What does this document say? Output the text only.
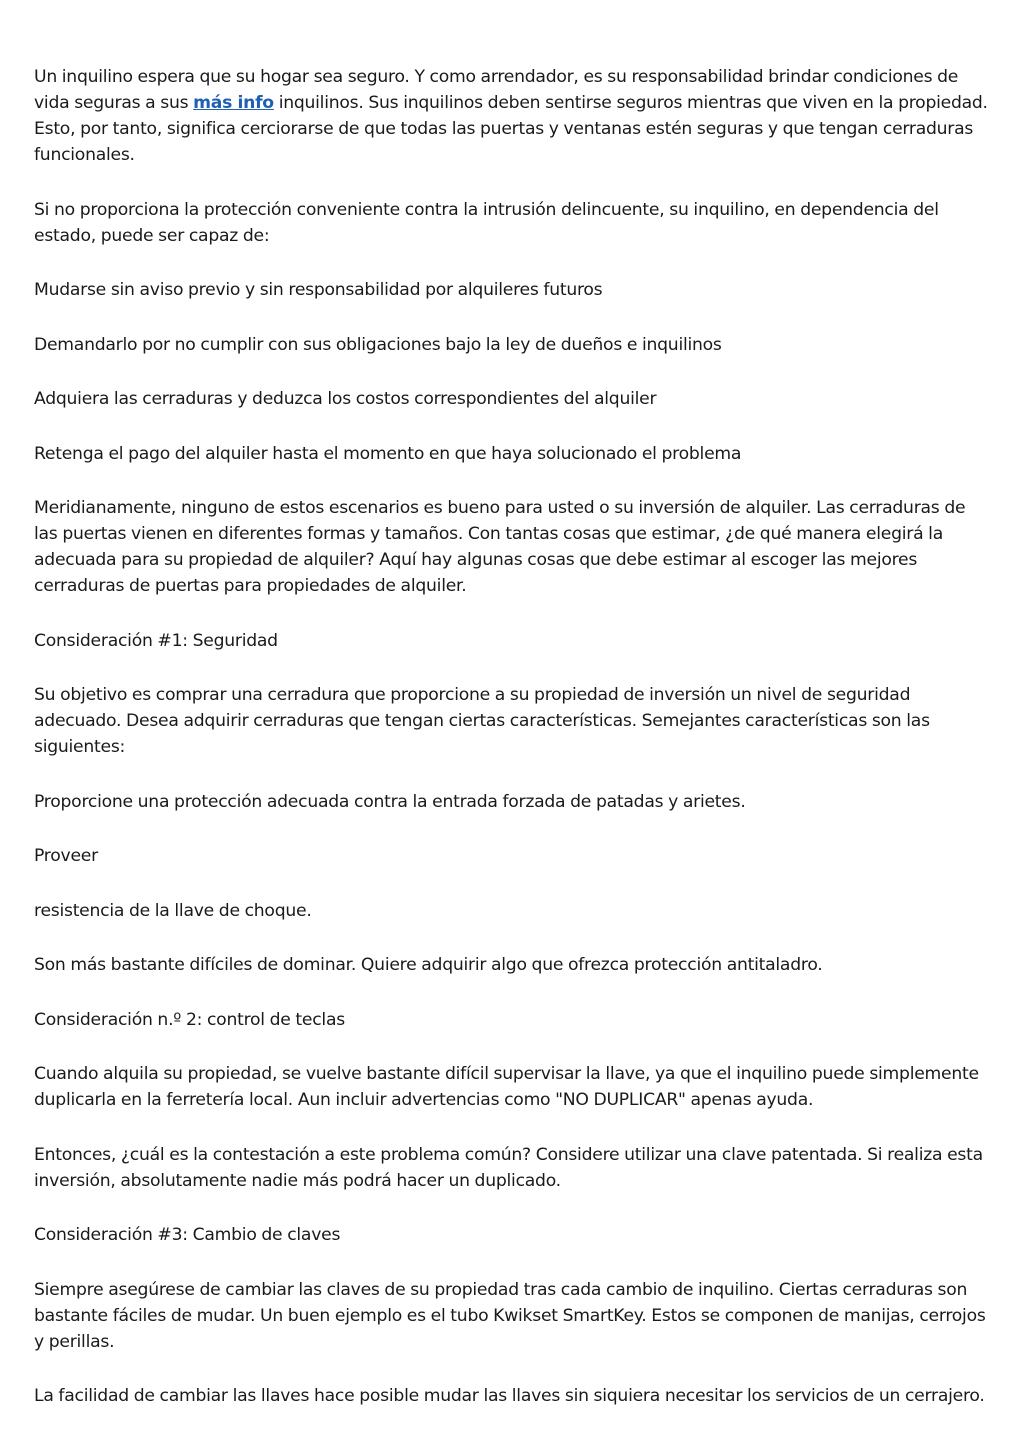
Un inquilino espera que su hogar sea seguro. Y como arrendador, es su responsabilidad brindar condiciones de vida seguras a sus más info inquilinos. Sus inquilinos deben sentirse seguros mientras que viven en la propiedad. Esto, por tanto, significa cerciorarse de que todas las puertas y ventanas estén seguras y que tengan cerraduras funcionales.

Si no proporciona la protección conveniente contra la intrusión delincuente, su inquilino, en dependencia del estado, puede ser capaz de:

Mudarse sin aviso previo y sin responsabilidad por alquileres futuros

Demandarlo por no cumplir con sus obligaciones bajo la ley de dueños e inquilinos

Adquiera las cerraduras y deduzca los costos correspondientes del alquiler

Retenga el pago del alquiler hasta el momento en que haya solucionado el problema

Meridianamente, ninguno de estos escenarios es bueno para usted o su inversión de alquiler. Las cerraduras de las puertas vienen en diferentes formas y tamaños. Con tantas cosas que estimar, ¿de qué manera elegirá la adecuada para su propiedad de alquiler? Aquí hay algunas cosas que debe estimar al escoger las mejores cerraduras de puertas para propiedades de alquiler.

Consideración #1: Seguridad

Su objetivo es comprar una cerradura que proporcione a su propiedad de inversión un nivel de seguridad adecuado. Desea adquirir cerraduras que tengan ciertas características. Semejantes características son las siguientes:

Proporcione una protección adecuada contra la entrada forzada de patadas y arietes.

Proveer

resistencia de la llave de choque.

Son más bastante difíciles de dominar. Quiere adquirir algo que ofrezca protección antitaladro.

Consideración n.º 2: control de teclas

Cuando alquila su propiedad, se vuelve bastante difícil supervisar la llave, ya que el inquilino puede simplemente duplicarla en la ferretería local. Aun incluir advertencias como "NO DUPLICAR" apenas ayuda.

Entonces, ¿cuál es la contestación a este problema común? Considere utilizar una clave patentada. Si realiza esta inversión, absolutamente nadie más podrá hacer un duplicado.

Consideración #3: Cambio de claves

Siempre asegúrese de cambiar las claves de su propiedad tras cada cambio de inquilino. Ciertas cerraduras son bastante fáciles de mudar. Un buen ejemplo es el tubo Kwikset SmartKey. Estos se componen de manijas, cerrojos y perillas.

La facilidad de cambiar las llaves hace posible mudar las llaves sin siquiera necesitar los servicios de un cerrajero.
